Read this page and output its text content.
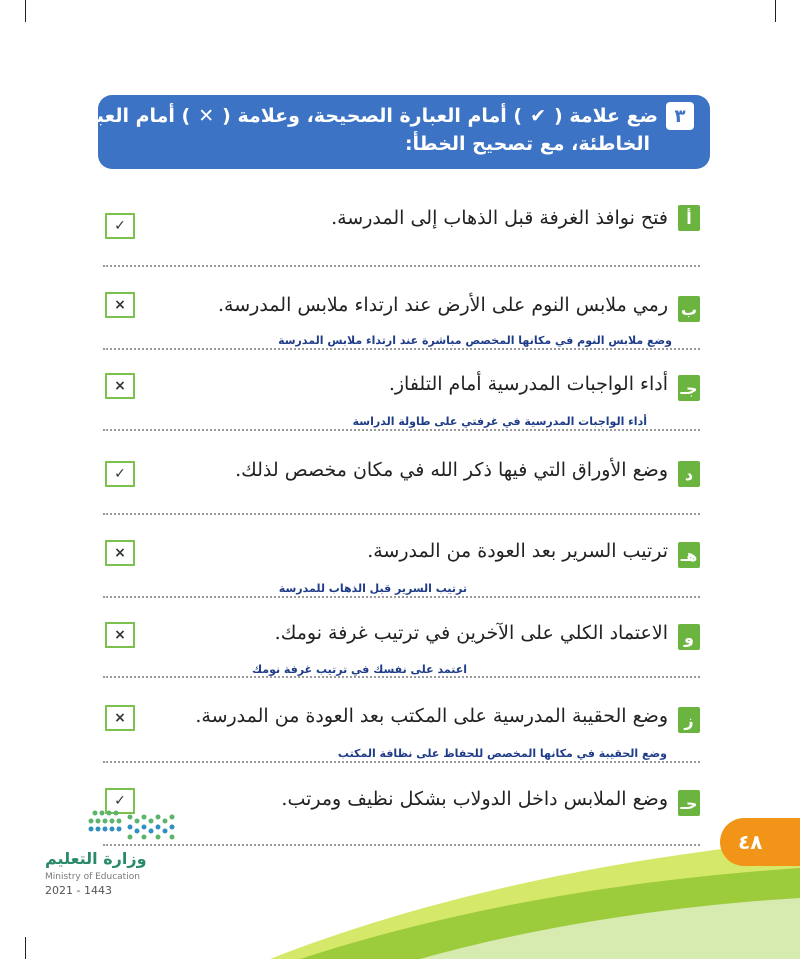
٣
ضع علامة (
✔
) أمام العبارة الصحيحة، وعلامة (
✕
) أمام العبارة
الخاطئة، مع تصحيح الخطأ:
أ
فتح نوافذ الغرفة قبل الذهاب إلى المدرسة.
✓
ب
رمي ملابس النوم على الأرض عند ارتداء ملابس المدرسة.
×
وضع ملابس النوم في مكانها المخصص مباشرة عند ارتداء ملابس المدرسة
جـ
أداء الواجبات المدرسية أمام التلفاز.
×
أداء الواجبات المدرسية في غرفتي على طاولة الدراسة
د
وضع الأوراق التي فيها ذكر الله في مكان مخصص لذلك.
✓
هـ
ترتيب السرير بعد العودة من المدرسة.
×
ترتيب السرير قبل الذهاب للمدرسة
و
الاعتماد الكلي على الآخرين في ترتيب غرفة نومك.
×
اعتمد على نفسك في ترتيب غرفة نومك
ز
وضع الحقيبة المدرسية على المكتب بعد العودة من المدرسة.
×
وضع الحقيبة في مكانها المخصص للحفاظ على نظافة المكتب
حـ
وضع الملابس داخل الدولاب بشكل نظيف ومرتب.
✓
٤٨
وزارة التعليم
Ministry of Education
2021 - 1443
